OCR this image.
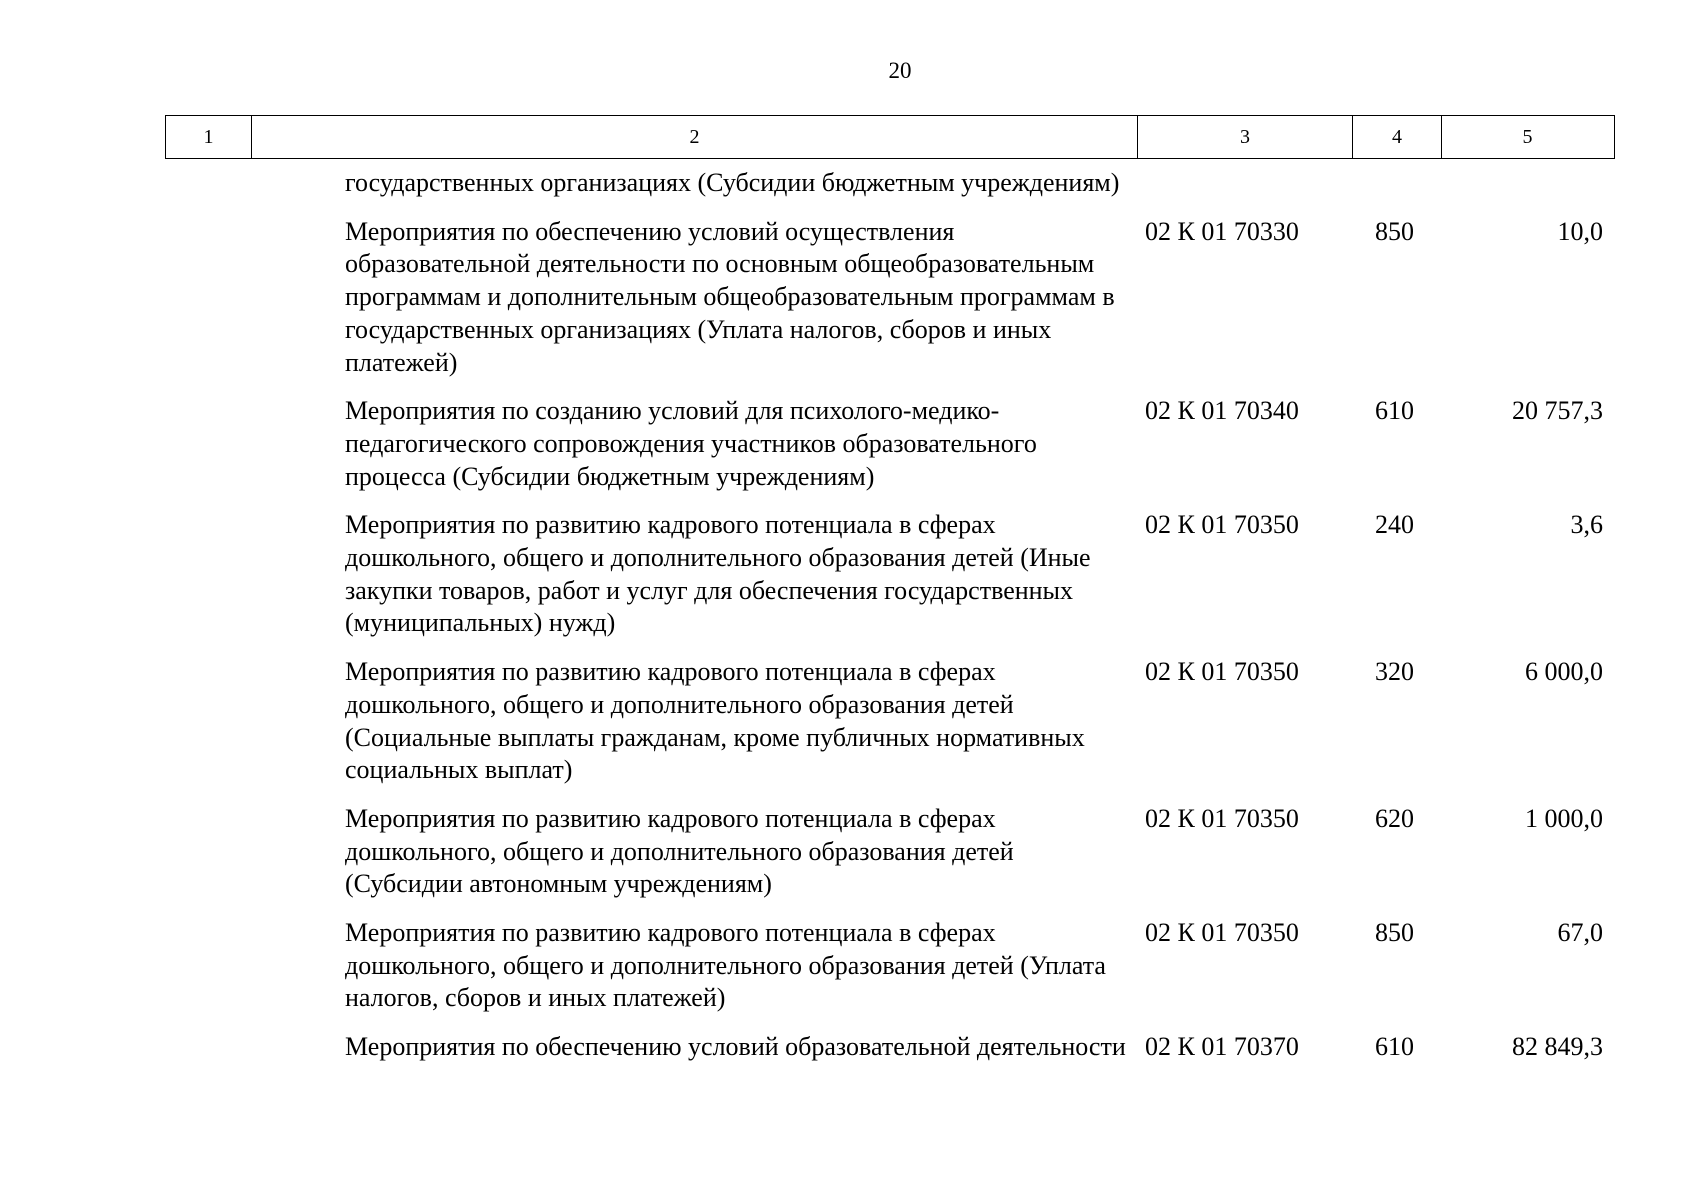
20
1	2	3	4	5
государственных организациях (Субсидии бюджетным учреждениям)
Мероприятия по обеспечению условий осуществления
образовательной деятельности по основным общеобразовательным
программам и дополнительным общеобразовательным программам в
государственных организациях (Уплата налогов, сборов и иных
платежей)
02 К 01 70330	850	10,0
Мероприятия по созданию условий для психолого-медико-
педагогического сопровождения участников образовательного
процесса (Субсидии бюджетным учреждениям)
02 К 01 70340	610	20 757,3
Мероприятия по развитию кадрового потенциала в сферах
дошкольного, общего и дополнительного образования детей (Иные
закупки товаров, работ и услуг для обеспечения государственных
(муниципальных) нужд)
02 К 01 70350	240	3,6
Мероприятия по развитию кадрового потенциала в сферах
дошкольного, общего и дополнительного образования детей
(Социальные выплаты гражданам, кроме публичных нормативных
социальных выплат)
02 К 01 70350	320	6 000,0
Мероприятия по развитию кадрового потенциала в сферах
дошкольного, общего и дополнительного образования детей
(Субсидии автономным учреждениям)
02 К 01 70350	620	1 000,0
Мероприятия по развитию кадрового потенциала в сферах
дошкольного, общего и дополнительного образования детей (Уплата
налогов, сборов и иных платежей)
02 К 01 70350	850	67,0
Мероприятия по обеспечению условий образовательной деятельности 02 К 01 70370	610	82 849,3
